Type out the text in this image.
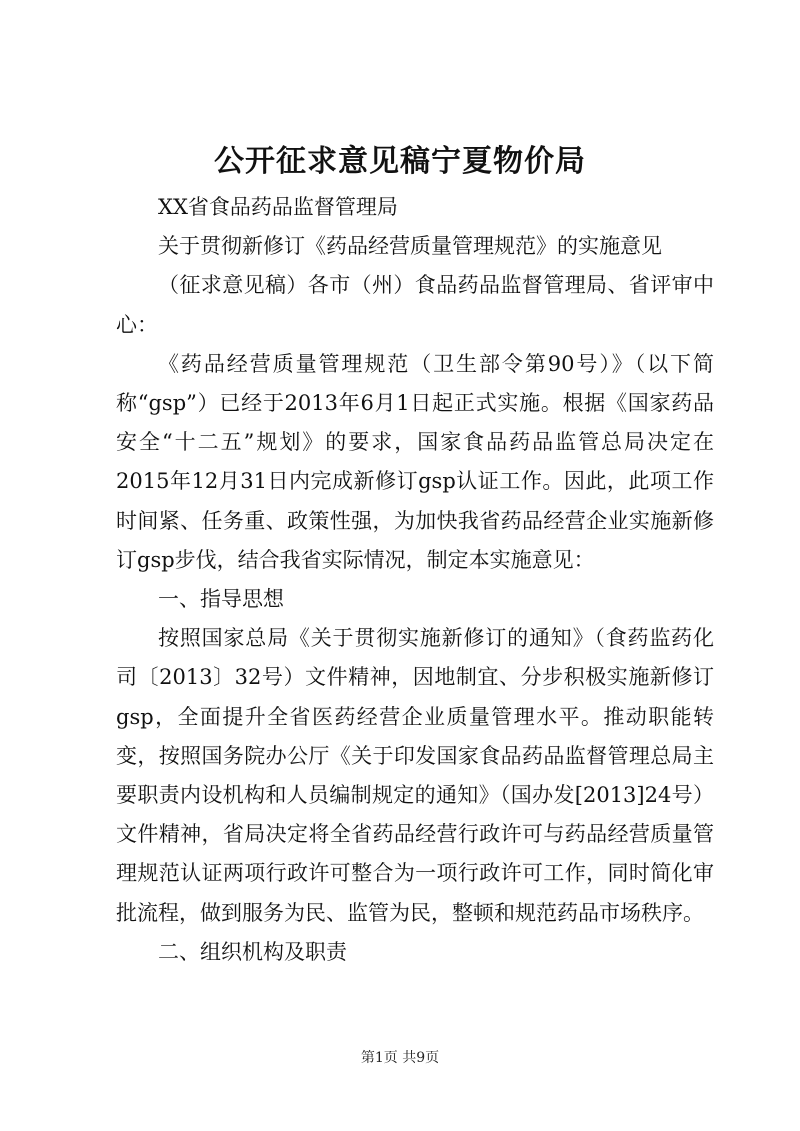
公开征求意见稿宁夏物价局

XX省食品药品监督管理局

关于贯彻新修订《药品经营质量管理规范》的实施意见

（征求意见稿）各市（州）食品药品监督管理局、省评审中心：

《药品经营质量管理规范（卫生部令第90号）》（以下简称“gsp”）已经于2013年6月1日起正式实施。根据《国家药品安全“十二五”规划》的要求，国家食品药品监管总局决定在2015年12月31日内完成新修订gsp认证工作。因此，此项工作时间紧、任务重、政策性强，为加快我省药品经营企业实施新修订gsp步伐，结合我省实际情况，制定本实施意见：

一、指导思想

按照国家总局《关于贯彻实施新修订的通知》（食药监药化司〔2013〕32号）文件精神，因地制宜、分步积极实施新修订gsp，全面提升全省医药经营企业质量管理水平。推动职能转变，按照国务院办公厅《关于印发国家食品药品监督管理总局主要职责内设机构和人员编制规定的通知》（国办发[2013]24号）文件精神，省局决定将全省药品经营行政许可与药品经营质量管理规范认证两项行政许可整合为一项行政许可工作，同时简化审批流程，做到服务为民、监管为民，整顿和规范药品市场秩序。

二、组织机构及职责

第1页 共9页
